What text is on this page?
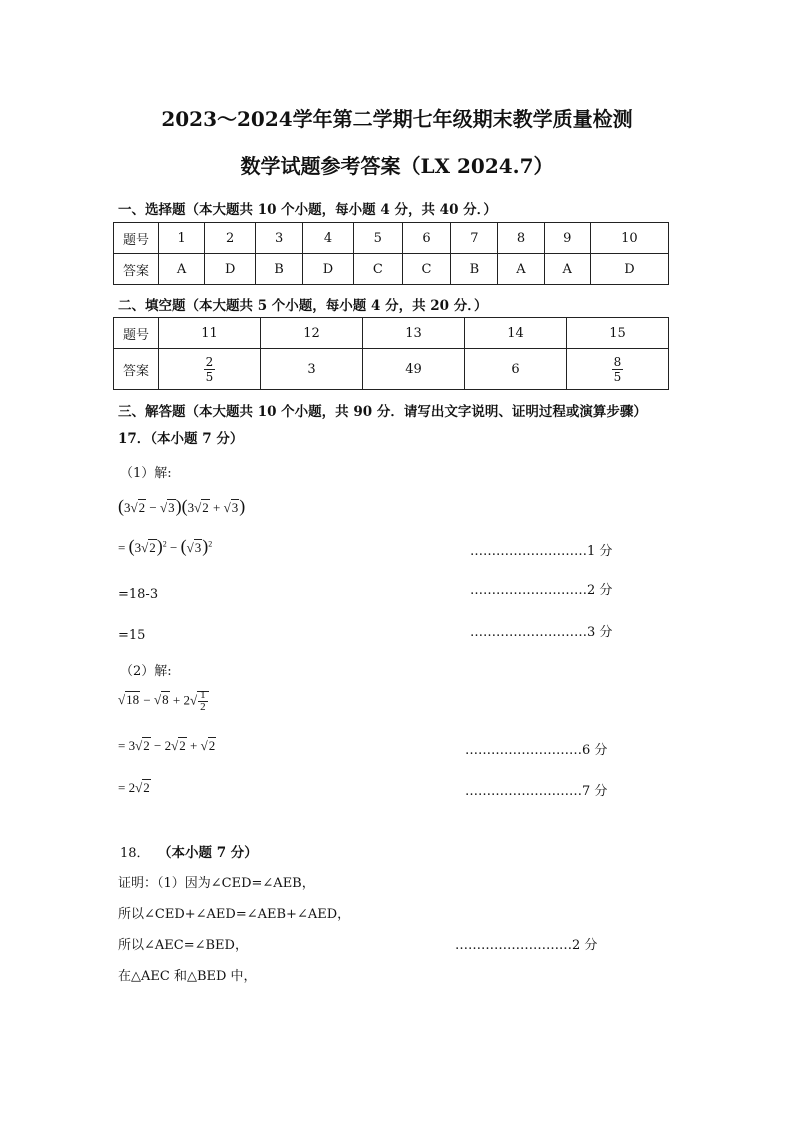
2023～2024学年第二学期七年级期末教学质量检测
数学试题参考答案（LX 2024.7）
一、选择题（本大题共 10 个小题，每小题 4 分，共 40 分．）
题号	1	2	3	4	5	6	7	8	9	10
答案	A	D	B	D	C	C	B	A	A	D
二、填空题（本大题共 5 个小题，每小题 4 分，共 20 分．）
题号	11	12	13	14	15
答案	$\frac{2}{5}$	3	49	6	$\frac{8}{5}$
三、解答题（本大题共 10 个小题，共 90 分．请写出文字说明、证明过程或演算步骤）
17．（本小题 7 分）
（1）解:
(3√2 − √3)(3√2 + √3)
= $(3√2)^2 - (√3)^2$	………………………1 分
=18-3	………………………2 分
=15	………………………3 分
（2）解:
$√18 - √8 + 2√ \frac{1}{2}$
= 3√2 − 2√2 + √2	………………………6 分
= 2√2	………………………7 分
18． （本小题 7 分）
证明：（1）因为∠CED=∠AEB，
所以∠CED+∠AED=∠AEB+∠AED，
所以∠AEC=∠BED，	………………………2 分
在△AEC 和△BED 中，
